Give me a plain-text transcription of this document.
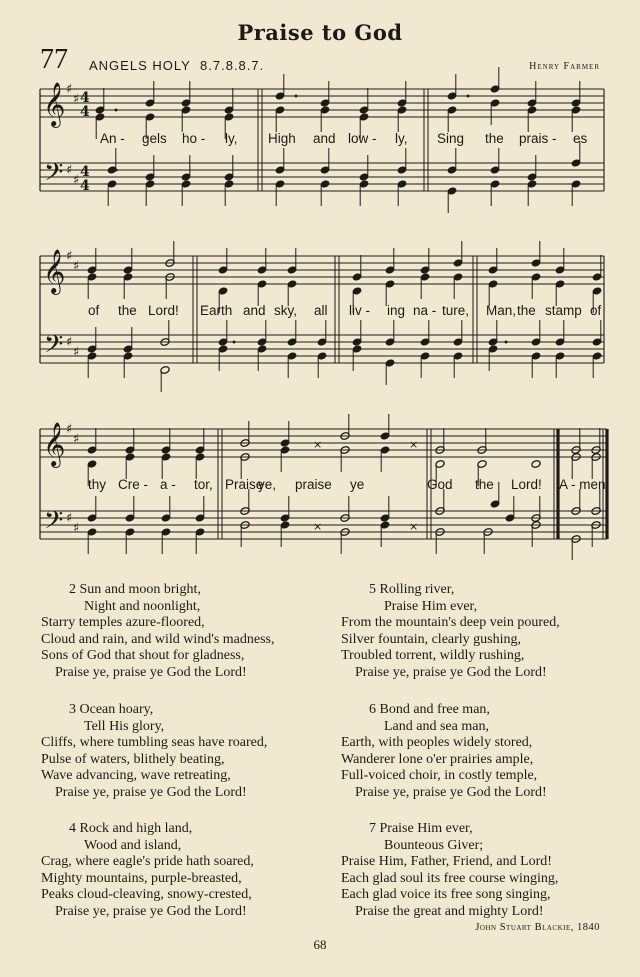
Praise to God
77 ANGELS HOLY 8.7.8.8.7.	Henry Farmer
𝄞
𝄢
♯
♯
♯
♯
4
4
4
4
𝄞
𝄢
♯
♯
♯
♯
𝄞
𝄢
♯
♯
♯
♯
×	×
×	×
An - gels ho - ly, High and low - ly, Sing the prais - es
of the Lord! Earth and sky, all liv - ing na - ture, Man, the stamp of
thy Cre - a - tor, Praise
ye, praise ye	God the Lord! A - men.
2 Sun and moon bright,
Night and noonlight,
Starry temples azure-floored,
Cloud and rain, and wild wind's madness,
Sons of God that shout for gladness,
Praise ye, praise ye God the Lord!
3 Ocean hoary,
Tell His glory,
Cliffs, where tumbling seas have roared,
Pulse of waters, blithely beating,
Wave advancing, wave retreating,
Praise ye, praise ye God the Lord!
4 Rock and high land,
Wood and island,
Crag, where eagle's pride hath soared,
Mighty mountains, purple-breasted,
Peaks cloud-cleaving, snowy-crested,
Praise ye, praise ye God the Lord!
5 Rolling river,
Praise Him ever,
From the mountain's deep vein poured,
Silver fountain, clearly gushing,
Troubled torrent, wildly rushing,
Praise ye, praise ye God the Lord!
6 Bond and free man,
Land and sea man,
Earth, with peoples widely stored,
Wanderer lone o'er prairies ample,
Full-voiced choir, in costly temple,
Praise ye, praise ye God the Lord!
7 Praise Him ever,
Bounteous Giver;
Praise Him, Father, Friend, and Lord!
Each glad soul its free course winging,
Each glad voice its free song singing,
Praise the great and mighty Lord!
John Stuart Blackie, 1840
68
